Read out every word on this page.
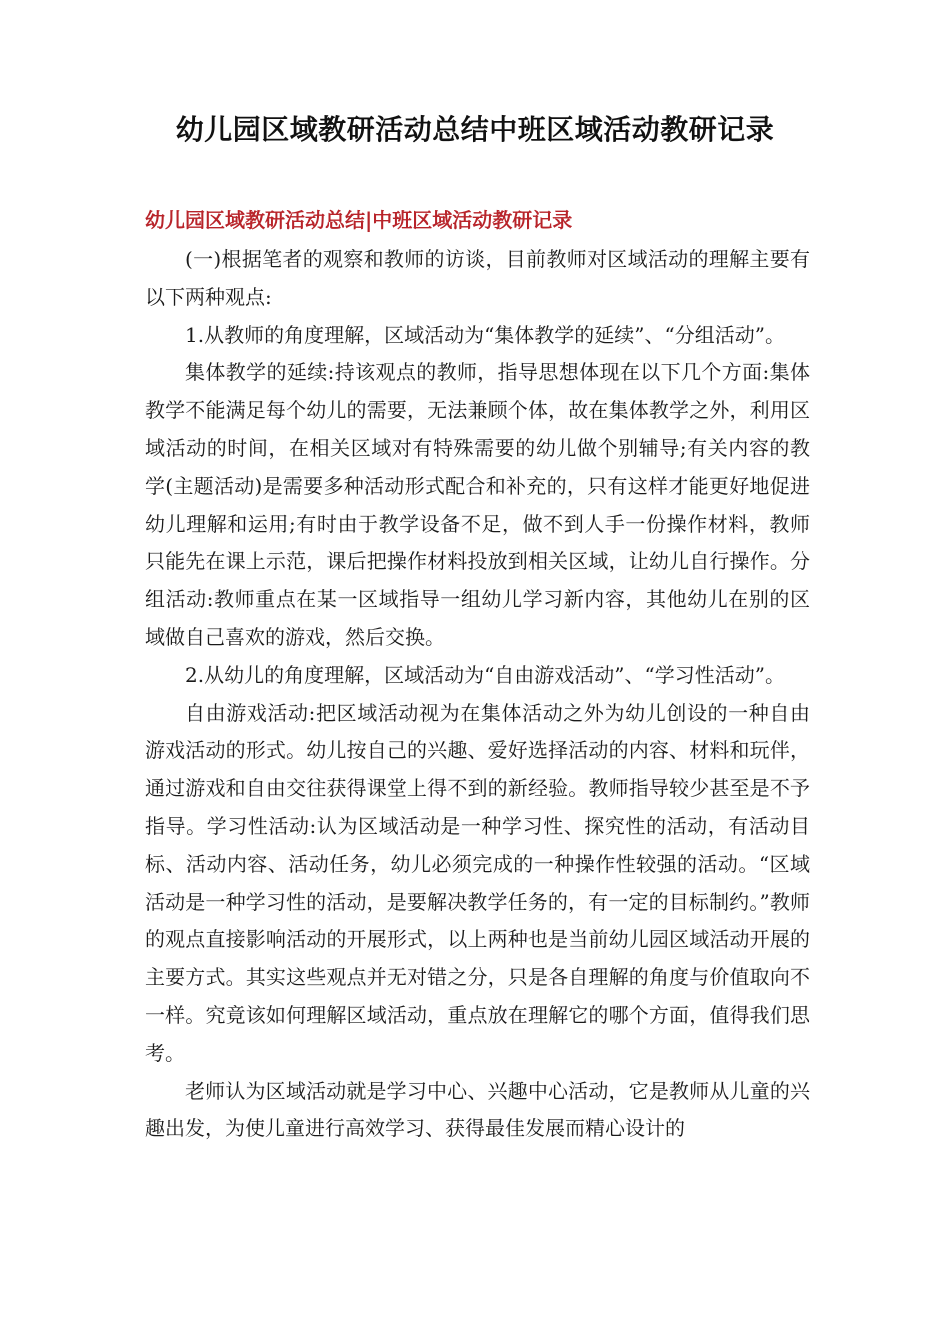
幼儿园区域教研活动总结中班区域活动教研记录
幼儿园区域教研活动总结|中班区域活动教研记录

(一)根据笔者的观察和教师的访谈，目前教师对区域活动的理解主要有以下两种观点:

1.从教师的角度理解，区域活动为“集体教学的延续”、“分组活动”。

集体教学的延续:持该观点的教师，指导思想体现在以下几个方面:集体教学不能满足每个幼儿的需要，无法兼顾个体，故在集体教学之外，利用区域活动的时间，在相关区域对有特殊需要的幼儿做个别辅导;有关内容的教学(主题活动)是需要多种活动形式配合和补充的，只有这样才能更好地促进幼儿理解和运用;有时由于教学设备不足，做不到人手一份操作材料，教师只能先在课上示范，课后把操作材料投放到相关区域，让幼儿自行操作。分组活动:教师重点在某一区域指导一组幼儿学习新内容，其他幼儿在别的区域做自己喜欢的游戏，然后交换。

2.从幼儿的角度理解，区域活动为“自由游戏活动”、“学习性活动”。

自由游戏活动:把区域活动视为在集体活动之外为幼儿创设的一种自由游戏活动的形式。幼儿按自己的兴趣、爱好选择活动的内容、材料和玩伴，通过游戏和自由交往获得课堂上得不到的新经验。教师指导较少甚至是不予指导。学习性活动:认为区域活动是一种学习性、探究性的活动，有活动目标、活动内容、活动任务，幼儿必须完成的一种操作性较强的活动。“区域活动是一种学习性的活动，是要解决教学任务的，有一定的目标制约。”教师的观点直接影响活动的开展形式，以上两种也是当前幼儿园区域活动开展的主要方式。其实这些观点并无对错之分，只是各自理解的角度与价值取向不一样。究竟该如何理解区域活动，重点放在理解它的哪个方面，值得我们思考。

老师认为区域活动就是学习中心、兴趣中心活动，它是教师从儿童的兴趣出发，为使儿童进行高效学习、获得最佳发展而精心设计的
